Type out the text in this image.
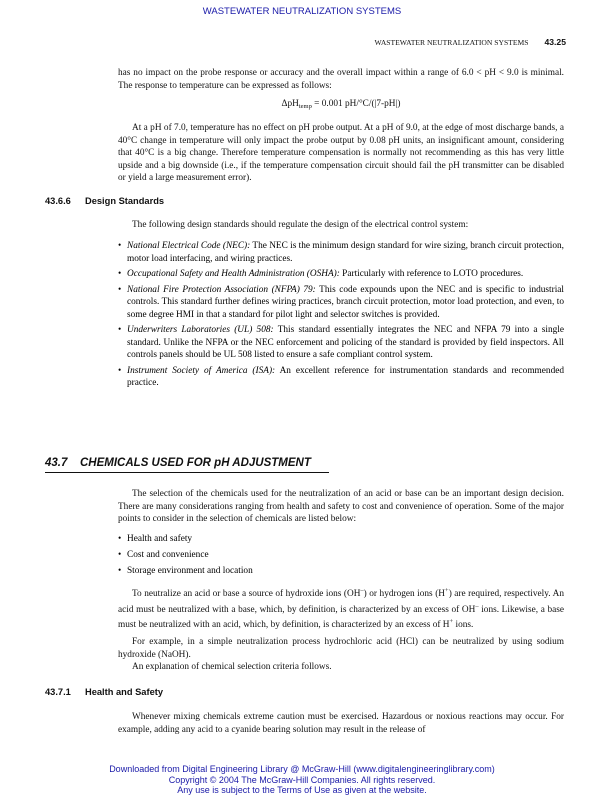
WASTEWATER NEUTRALIZATION SYSTEMS
WASTEWATER NEUTRALIZATION SYSTEMS 43.25

has no impact on the probe response or accuracy and the overall impact within a range of 6.0 < pH < 9.0 is minimal. The response to temperature can be expressed as follows:

ΔpH$_{temp}$ = 0.001 pH/°C/(|7-pH|)

At a pH of 7.0, temperature has no effect on pH probe output. At a pH of 9.0, at the edge of most discharge bands, a 40°C change in temperature will only impact the probe output by 0.08 pH units, an insignificant amount, considering that 40°C is a big change. Therefore temperature compensation is normally not recommending as this has very little upside and a big downside (i.e., if the temperature compensation circuit should fail the pH transmitter can be disabled or yield a large measurement error).

43.6.6 Design Standards

The following design standards should regulate the design of the electrical control system:

• National Electrical Code (NEC): The NEC is the minimum design standard for wire sizing, branch circuit protection, motor load interfacing, and wiring practices.
• Occupational Safety and Health Administration (OSHA): Particularly with reference to LOTO procedures.
• National Fire Protection Association (NFPA) 79: This code expounds upon the NEC and is specific to industrial controls. This standard further defines wiring practices, branch circuit protection, motor load protection, and even, to some degree HMI in that a standard for pilot light and selector switches is provided.
• Underwriters Laboratories (UL) 508: This standard essentially integrates the NEC and NFPA 79 into a single standard. Unlike the NFPA or the NEC enforcement and policing of the standard is provided by field inspectors. All controls panels should be UL 508 listed to ensure a safe compliant control system.
• Instrument Society of America (ISA): An excellent reference for instrumentation standards and recommended practice.
43.7 CHEMICALS USED FOR pH ADJUSTMENT

The selection of the chemicals used for the neutralization of an acid or base can be an important design decision. There are many considerations ranging from health and safety to cost and convenience of operation. Some of the major points to consider in the selection of chemicals are listed below:

• Health and safety
• Cost and convenience
• Storage environment and location

To neutralize an acid or base a source of hydroxide ions (OH–) or hydrogen ions (H+) are required, respectively. An acid must be neutralized with a base, which, by definition, is characterized by an excess of OH– ions. Likewise, a base must be neutralized with an acid, which, by definition, is characterized by an excess of H+ ions.

For example, in a simple neutralization process hydrochloric acid (HCl) can be neutralized by using sodium hydroxide (NaOH).

An explanation of chemical selection criteria follows.

43.7.1 Health and Safety

Whenever mixing chemicals extreme caution must be exercised. Hazardous or noxious reactions may occur. For example, adding any acid to a cyanide bearing solution may result in the release of

Downloaded from Digital Engineering Library @ McGraw-Hill (www.digitalengineeringlibrary.com)
Copyright © 2004 The McGraw-Hill Companies. All rights reserved.
Any use is subject to the Terms of Use as given at the website.
